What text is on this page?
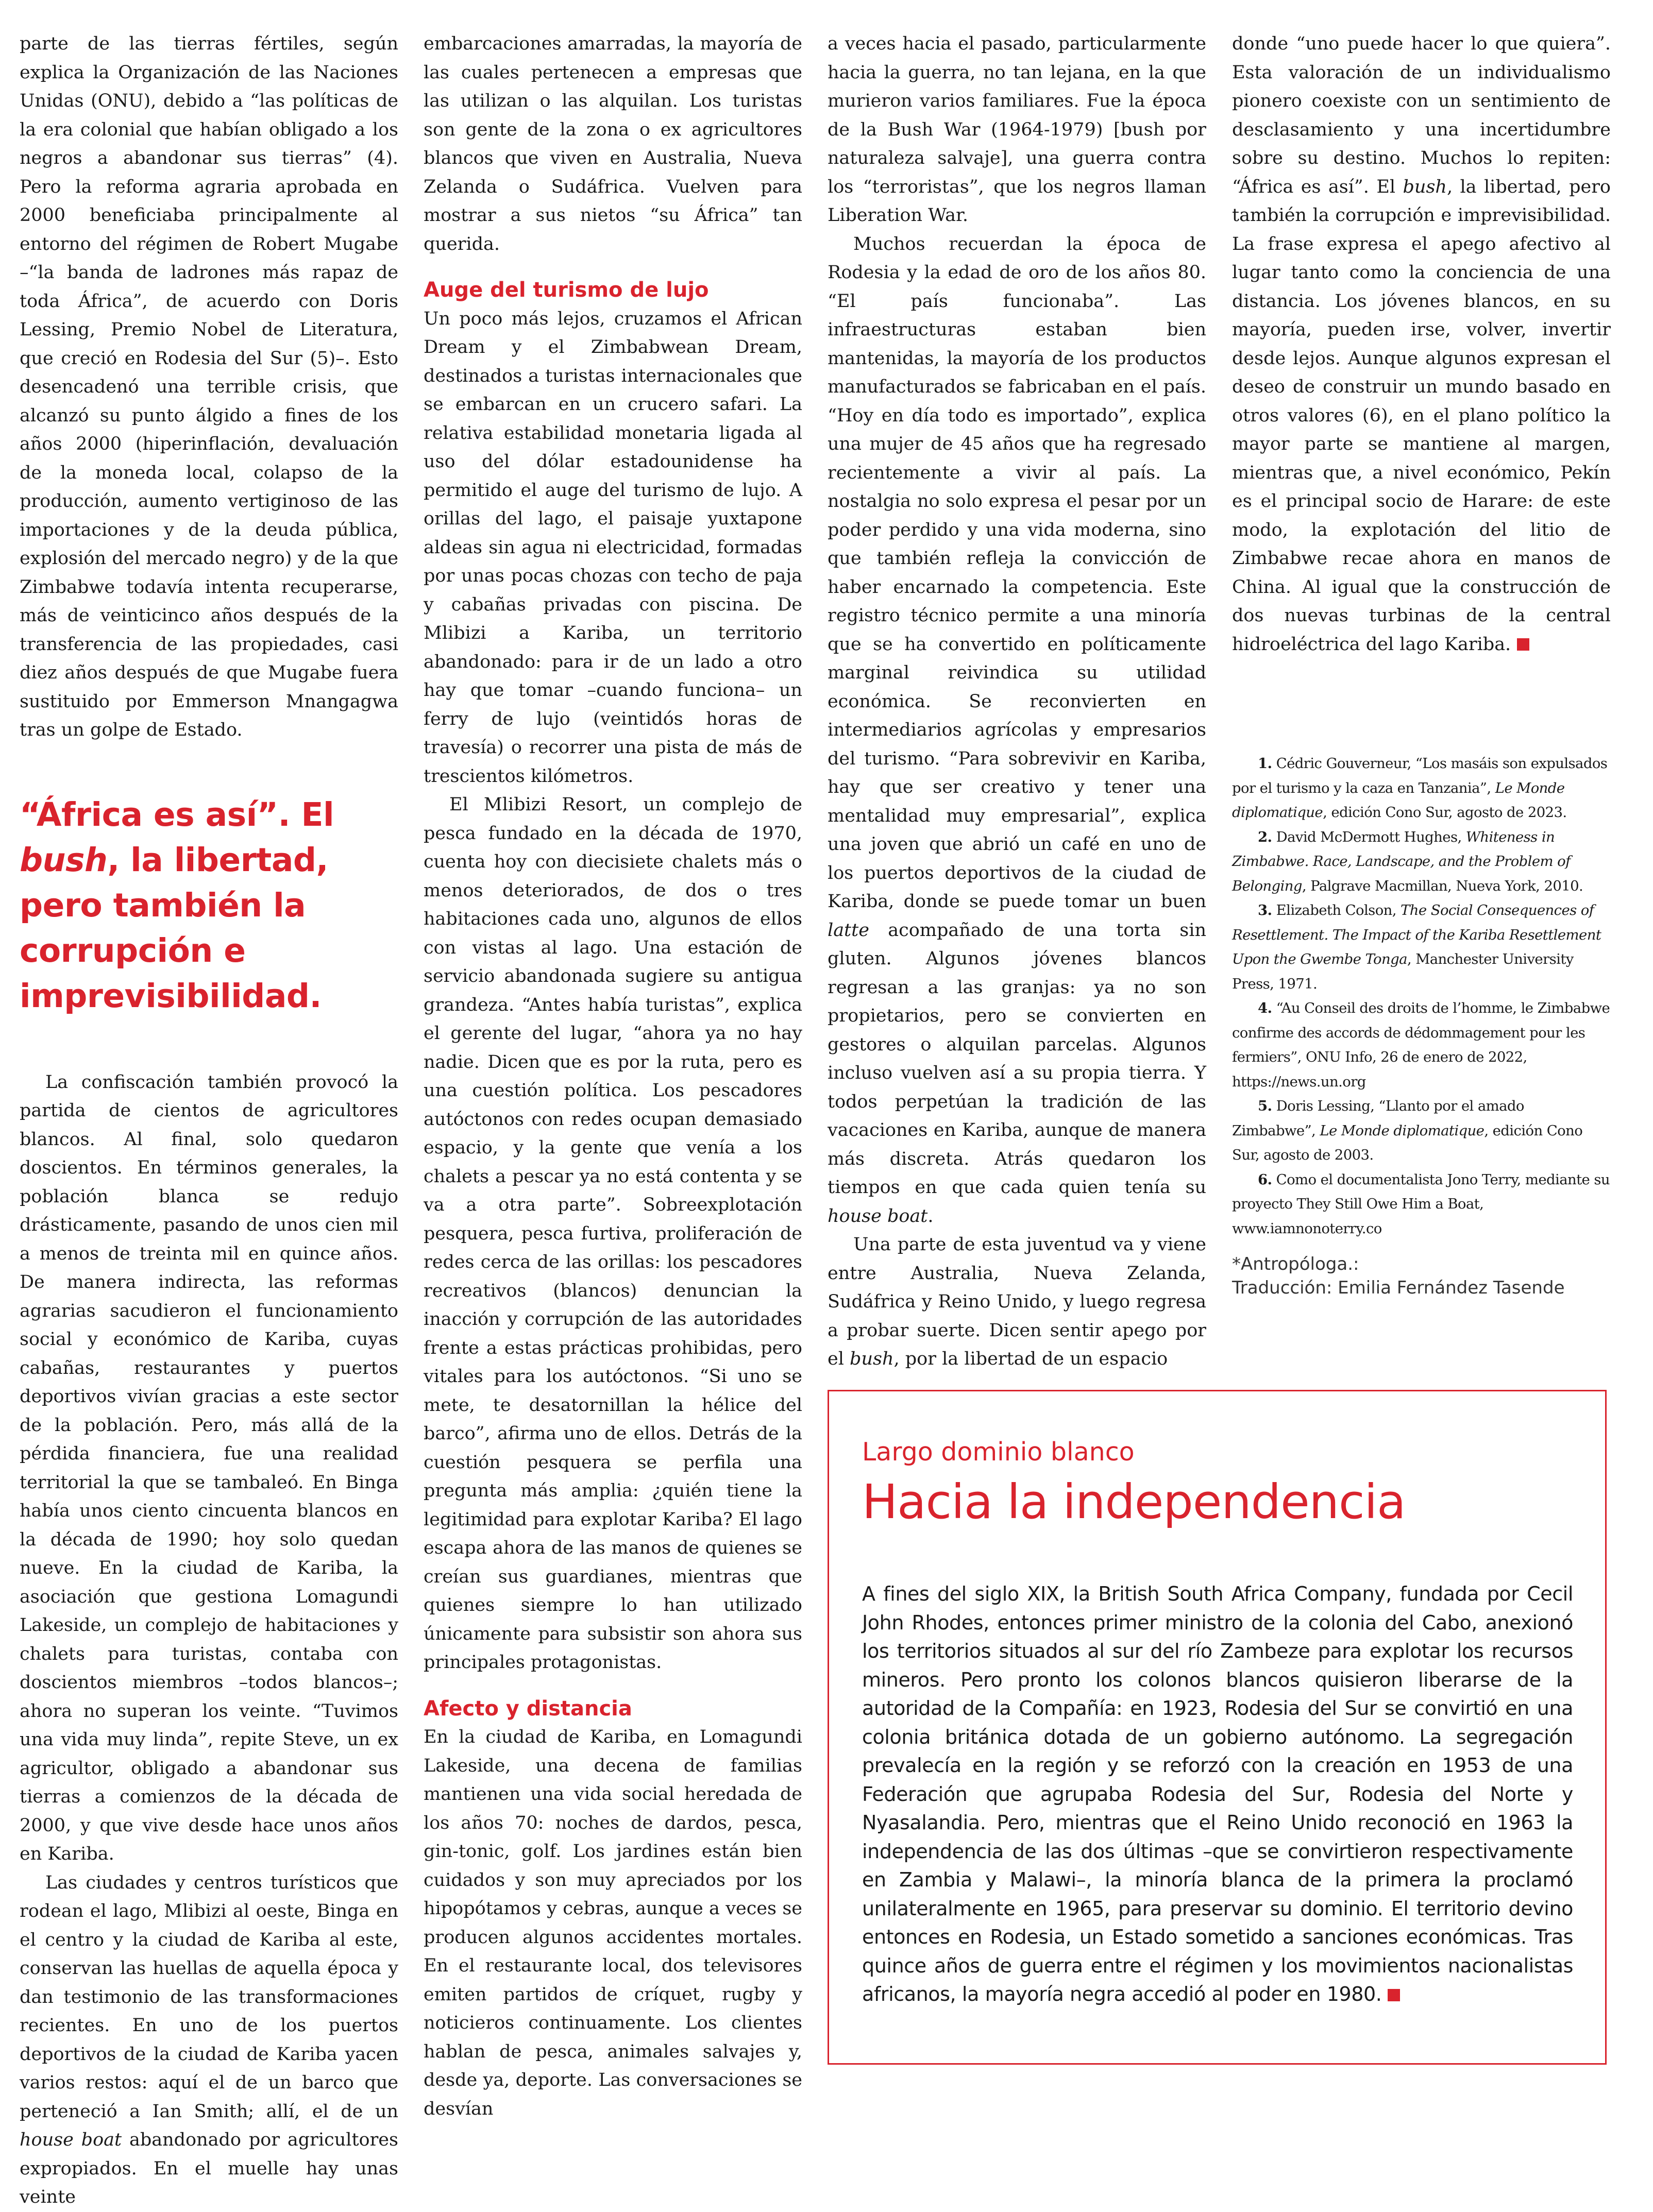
parte de las tierras fértiles, según explica la Organización de las Naciones Unidas (ONU), debido a “las políticas de la era colonial que habían obligado a los negros a abandonar sus tierras” (4). Pero la reforma agraria aprobada en 2000 beneficiaba principalmente al entorno del régimen de Robert Mugabe –“la banda de ladrones más rapaz de toda África”, de acuerdo con Doris Lessing, Premio Nobel de Literatura, que creció en Rodesia del Sur (5)–. Esto desencadenó una terrible crisis, que alcanzó su punto álgido a fines de los años 2000 (hiperinflación, devaluación de la moneda local, colapso de la producción, aumento vertiginoso de las importaciones y de la deuda pública, explosión del mercado negro) y de la que Zimbabwe todavía intenta recuperarse, más de veinticinco años después de la transferencia de las propiedades, casi diez años después de que Mugabe fuera sustituido por Emmerson Mnangagwa tras un golpe de Estado.

“África es así”. El bush, la libertad, pero también la corrupción e imprevisibilidad.

La confiscación también provocó la partida de cientos de agricultores blancos. Al final, solo quedaron doscientos. En términos generales, la población blanca se redujo drásticamente, pasando de unos cien mil a menos de treinta mil en quince años. De manera indirecta, las reformas agrarias sacudieron el funcionamiento social y económico de Kariba, cuyas cabañas, restaurantes y puertos deportivos vivían gracias a este sector de la población. Pero, más allá de la pérdida financiera, fue una realidad territorial la que se tambaleó. En Binga había unos ciento cincuenta blancos en la década de 1990; hoy solo quedan nueve. En la ciudad de Kariba, la asociación que gestiona Lomagundi Lakeside, un complejo de habitaciones y chalets para turistas, contaba con doscientos miembros –todos blancos–; ahora no superan los veinte. “Tuvimos una vida muy linda”, repite Steve, un ex agricultor, obligado a abandonar sus tierras a comienzos de la década de 2000, y que vive desde hace unos años en Kariba.

Las ciudades y centros turísticos que rodean el lago, Mlibizi al oeste, Binga en el centro y la ciudad de Kariba al este, conservan las huellas de aquella época y dan testimonio de las transformaciones recientes. En uno de los puertos deportivos de la ciudad de Kariba yacen varios restos: aquí el de un barco que perteneció a Ian Smith; allí, el de un house boat abandonado por agricultores expropiados. En el muelle hay unas veinte

embarcaciones amarradas, la mayoría de las cuales pertenecen a empresas que las utilizan o las alquilan. Los turistas son gente de la zona o ex agricultores blancos que viven en Australia, Nueva Zelanda o Sudáfrica. Vuelven para mostrar a sus nietos “su África” tan querida.

Auge del turismo de lujo

Un poco más lejos, cruzamos el African Dream y el Zimbabwean Dream, destinados a turistas internacionales que se embarcan en un crucero safari. La relativa estabilidad monetaria ligada al uso del dólar estadounidense ha permitido el auge del turismo de lujo. A orillas del lago, el paisaje yuxtapone aldeas sin agua ni electricidad, formadas por unas pocas chozas con techo de paja y cabañas privadas con piscina. De Mlibizi a Kariba, un territorio abandonado: para ir de un lado a otro hay que tomar –cuando funciona– un ferry de lujo (veintidós horas de travesía) o recorrer una pista de más de trescientos kilómetros.

El Mlibizi Resort, un complejo de pesca fundado en la década de 1970, cuenta hoy con diecisiete chalets más o menos deteriorados, de dos o tres habitaciones cada uno, algunos de ellos con vistas al lago. Una estación de servicio abandonada sugiere su antigua grandeza. “Antes había turistas”, explica el gerente del lugar, “ahora ya no hay nadie. Dicen que es por la ruta, pero es una cuestión política. Los pescadores autóctonos con redes ocupan demasiado espacio, y la gente que venía a los chalets a pescar ya no está contenta y se va a otra parte”. Sobreexplotación pesquera, pesca furtiva, proliferación de redes cerca de las orillas: los pescadores recreativos (blancos) denuncian la inacción y corrupción de las autoridades frente a estas prácticas prohibidas, pero vitales para los autóctonos. “Si uno se mete, te desatornillan la hélice del barco”, afirma uno de ellos. Detrás de la cuestión pesquera se perfila una pregunta más amplia: ¿quién tiene la legitimidad para explotar Kariba? El lago escapa ahora de las manos de quienes se creían sus guardianes, mientras que quienes siempre lo han utilizado únicamente para subsistir son ahora sus principales protagonistas.

Afecto y distancia

En la ciudad de Kariba, en Lomagundi Lakeside, una decena de familias mantienen una vida social heredada de los años 70: noches de dardos, pesca, gin-tonic, golf. Los jardines están bien cuidados y son muy apreciados por los hipopótamos y cebras, aunque a veces se producen algunos accidentes mortales. En el restaurante local, dos televisores emiten partidos de críquet, rugby y noticieros continuamente. Los clientes hablan de pesca, animales salvajes y, desde ya, deporte. Las conversaciones se desvían

a veces hacia el pasado, particularmente hacia la guerra, no tan lejana, en la que murieron varios familiares. Fue la época de la Bush War (1964-1979) [bush por naturaleza salvaje], una guerra contra los “terroristas”, que los negros llaman Liberation War.

Muchos recuerdan la época de Rodesia y la edad de oro de los años 80. “El país funcionaba”. Las infraestructuras estaban bien mantenidas, la mayoría de los productos manufacturados se fabricaban en el país. “Hoy en día todo es importado”, explica una mujer de 45 años que ha regresado recientemente a vivir al país. La nostalgia no solo expresa el pesar por un poder perdido y una vida moderna, sino que también refleja la convicción de haber encarnado la competencia. Este registro técnico permite a una minoría que se ha convertido en políticamente marginal reivindica su utilidad económica. Se reconvierten en intermediarios agrícolas y empresarios del turismo. “Para sobrevivir en Kariba, hay que ser creativo y tener una mentalidad muy empresarial”, explica una joven que abrió un café en uno de los puertos deportivos de la ciudad de Kariba, donde se puede tomar un buen latte acompañado de una torta sin gluten. Algunos jóvenes blancos regresan a las granjas: ya no son propietarios, pero se convierten en gestores o alquilan parcelas. Algunos incluso vuelven así a su propia tierra. Y todos perpetúan la tradición de las vacaciones en Kariba, aunque de manera más discreta. Atrás quedaron los tiempos en que cada quien tenía su house boat.

Una parte de esta juventud va y viene entre Australia, Nueva Zelanda, Sudáfrica y Reino Unido, y luego regresa a probar suerte. Dicen sentir apego por el bush, por la libertad de un espacio

donde “uno puede hacer lo que quiera”. Esta valoración de un individualismo pionero coexiste con un sentimiento de desclasamiento y una incertidumbre sobre su destino. Muchos lo repiten: “África es así”. El bush, la libertad, pero también la corrupción e imprevisibilidad. La frase expresa el apego afectivo al lugar tanto como la conciencia de una distancia. Los jóvenes blancos, en su mayoría, pueden irse, volver, invertir desde lejos. Aunque algunos expresan el deseo de construir un mundo basado en otros valores (6), en el plano político la mayor parte se mantiene al margen, mientras que, a nivel económico, Pekín es el principal socio de Harare: de este modo, la explotación del litio de Zimbabwe recae ahora en manos de China. Al igual que la construcción de dos nuevas turbinas de la central hidroeléctrica del lago Kariba.

1. Cédric Gouverneur, “Los masáis son expulsados por el turismo y la caza en Tanzania”, Le Monde diplomatique, edición Cono Sur, agosto de 2023.

2. David McDermott Hughes, Whiteness in Zimbabwe. Race, Landscape, and the Problem of Belonging, Palgrave Macmillan, Nueva York, 2010.

3. Elizabeth Colson, The Social Consequences of Resettlement. The Impact of the Kariba Resettlement Upon the Gwembe Tonga, Manchester University Press, 1971.

4. “Au Conseil des droits de l’homme, le Zimbabwe confirme des accords de dédommagement pour les fermiers”, ONU Info, 26 de enero de 2022, https://news.un.org

5. Doris Lessing, “Llanto por el amado Zimbabwe”, Le Monde diplomatique, edición Cono Sur, agosto de 2003.

6. Como el documentalista Jono Terry, mediante su proyecto They Still Owe Him a Boat, www.iamnonoterry.co

*Antropóloga.:
Traducción: Emilia Fernández Tasende
Largo dominio blanco
Hacia la independencia
A fines del siglo XIX, la British South Africa Company, fundada por Cecil John Rhodes, entonces primer ministro de la colonia del Cabo, anexionó los territorios situados al sur del río Zambeze para explotar los recursos mineros. Pero pronto los colonos blancos quisieron liberarse de la autoridad de la Compañía: en 1923, Rodesia del Sur se convirtió en una colonia británica dotada de un gobierno autónomo. La segregación prevalecía en la región y se reforzó con la creación en 1953 de una Federación que agrupaba Rodesia del Sur, Rodesia del Norte y Nyasalandia. Pero, mientras que el Reino Unido reconoció en 1963 la independencia de las dos últimas –que se convirtieron respectivamente en Zambia y Malawi–, la minoría blanca de la primera la proclamó unilateralmente en 1965, para preservar su dominio. El territorio devino entonces en Rodesia, un Estado sometido a sanciones económicas. Tras quince años de guerra entre el régimen y los movimientos nacionalistas africanos, la mayoría negra accedió al poder en 1980.
